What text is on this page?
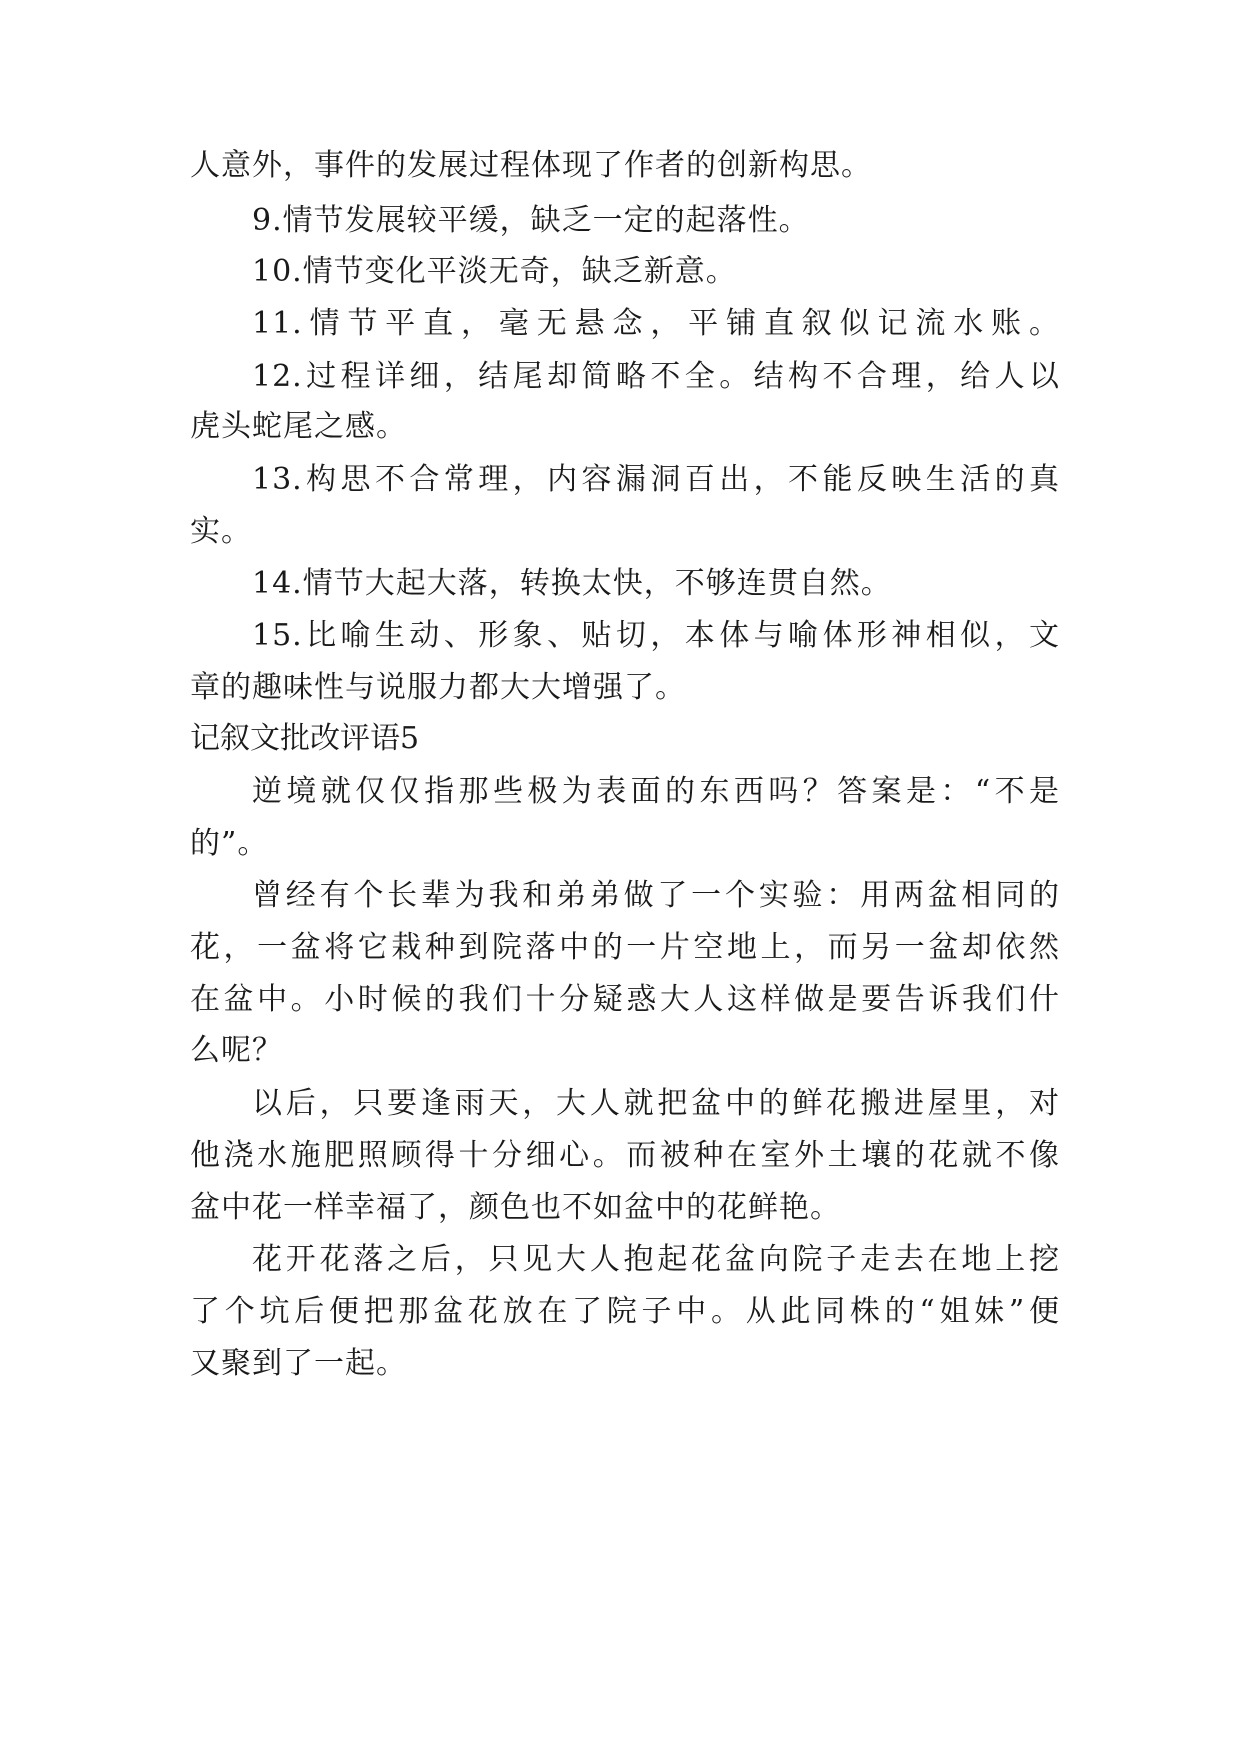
人意外，事件的发展过程体现了作者的创新构思。
9.情节发展较平缓，缺乏一定的起落性。
10.情节变化平淡无奇，缺乏新意。
11.情节平直，毫无悬念，平铺直叙似记流水账。
12.过程详细，结尾却简略不全。结构不合理，给人以
虎头蛇尾之感。
13.构思不合常理，内容漏洞百出，不能反映生活的真
实。
14.情节大起大落，转换太快，不够连贯自然。
15.比喻生动、形象、贴切，本体与喻体形神相似，文
章的趣味性与说服力都大大增强了。
记叙文批改评语5
逆境就仅仅指那些极为表面的东西吗？答案是：“不是
的”。
曾经有个长辈为我和弟弟做了一个实验：用两盆相同的
花，一盆将它栽种到院落中的一片空地上，而另一盆却依然
在盆中。小时候的我们十分疑惑大人这样做是要告诉我们什
么呢？
以后，只要逢雨天，大人就把盆中的鲜花搬进屋里，对
他浇水施肥照顾得十分细心。而被种在室外土壤的花就不像
盆中花一样幸福了，颜色也不如盆中的花鲜艳。
花开花落之后，只见大人抱起花盆向院子走去在地上挖
了个坑后便把那盆花放在了院子中。从此同株的“姐妹”便
又聚到了一起。
